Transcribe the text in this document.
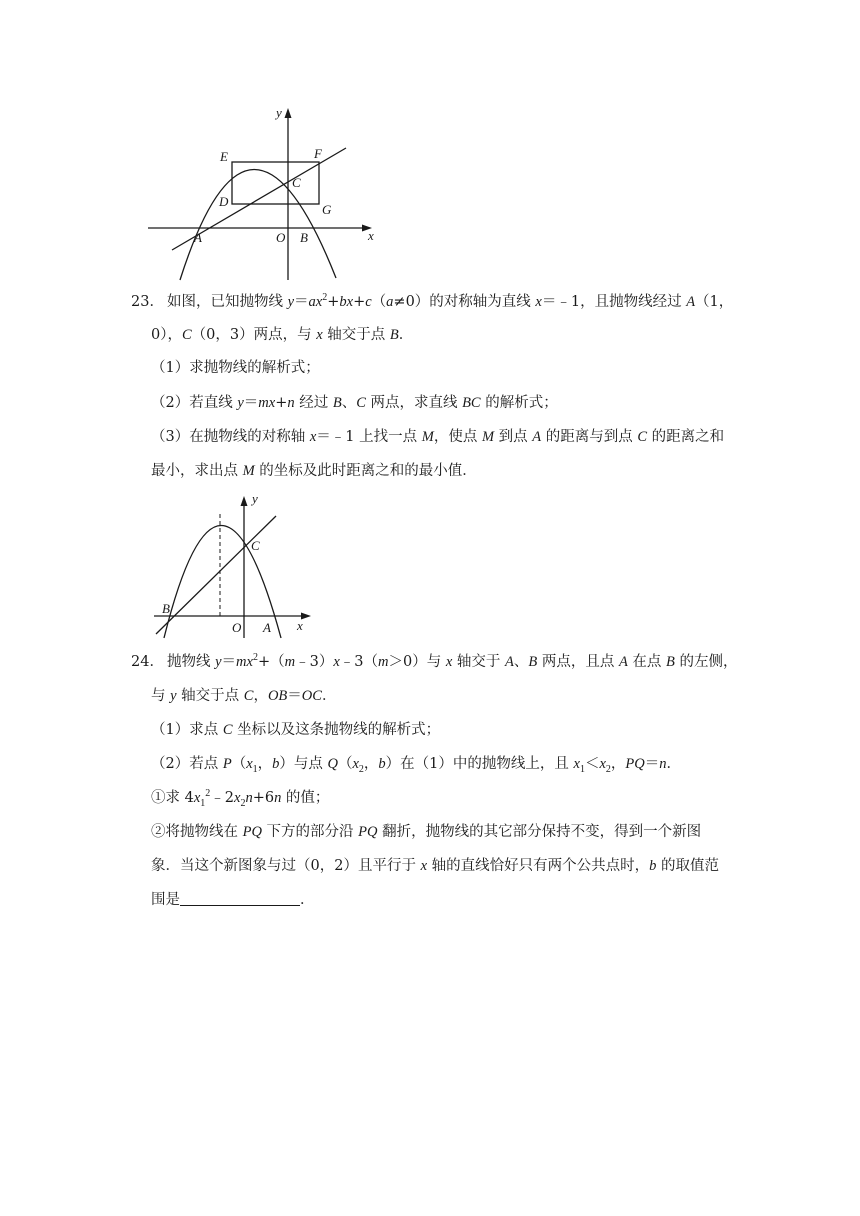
y
x
E	F
C
D
G
A	O B
23． 如图，已知抛物线 $y=ax^2+bx+c(a\ne 0)$的对称轴为直线 x＝﹣1，且抛物线经过 A（1，
0），C（0，3）两点，与 x 轴交于点 B．
（1）求抛物线的解析式；
（2）若直线 y＝mx+n 经过 B、C 两点，求直线 BC 的解析式；
（3）在抛物线的对称轴 x＝﹣1 上找一点 M，使点 M 到点 A 的距离与到点 C 的距离之和
最小，求出点 M 的坐标及此时距离之和的最小值．
y
C
B
O A x
24． 抛物线 $y=mx^2+(m﹣3)x﹣3(m>0)$与 x 轴交于 A、B 两点，且点 A 在点 B 的左侧，
与 y 轴交于点 C，OB＝OC．
（1）求点 C 坐标以及这条抛物线的解析式；
（2）若点 $P(x_1$，b）与点 $Q(x_2$，b）在（1）中的抛物线上，且 $x_1<x_2$，PQ＝n．
①求 $4x_1^2﹣2x_2n+6n$ 的值；
②将抛物线在 PQ 下方的部分沿 PQ 翻折，抛物线的其它部分保持不变，得到一个新图
象．当这个新图象与过（0，2）且平行于 x 轴的直线恰好只有两个公共点时，b 的取值范
围是	．
